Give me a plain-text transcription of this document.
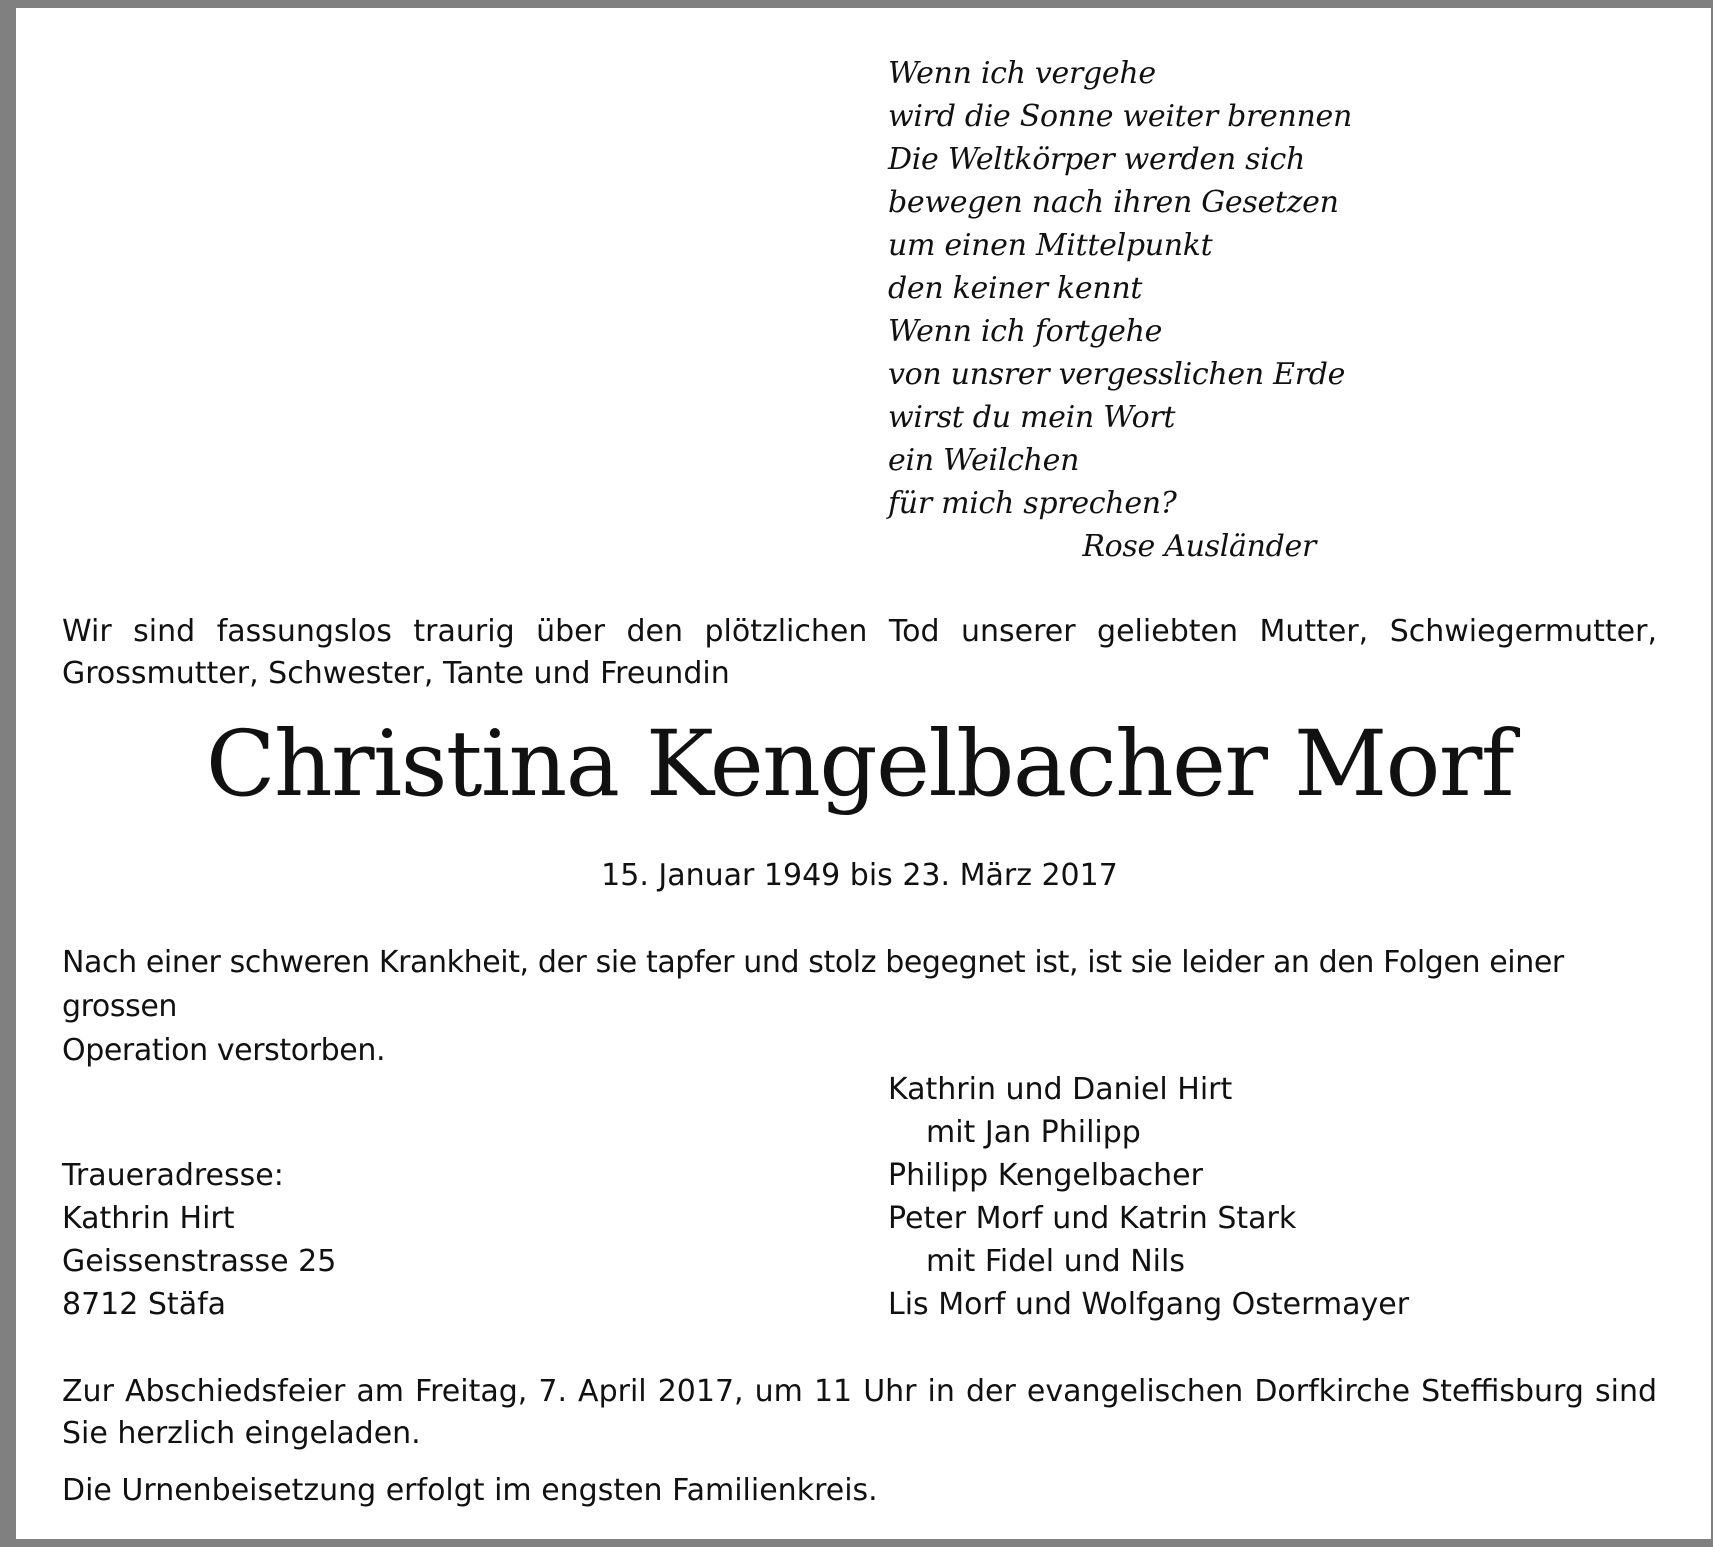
Wenn ich vergehe
wird die Sonne weiter brennen
Die Weltkörper werden sich
bewegen nach ihren Gesetzen
um einen Mittelpunkt
den keiner kennt
Wenn ich fortgehe
von unsrer vergesslichen Erde
wirst du mein Wort
ein Weilchen
für mich sprechen?
Rose Ausländer
Wir sind fassungslos traurig über den plötzlichen Tod unserer geliebten Mutter, Schwiegermutter,
Grossmutter, Schwester, Tante und Freundin
Christina Kengelbacher Morf
15. Januar 1949 bis 23. März 2017
Nach einer schweren Krankheit, der sie tapfer und stolz begegnet ist, ist sie leider an den Folgen einer grossen
Operation verstorben.
Traueradresse:
Kathrin Hirt
Geissenstrasse 25
8712 Stäfa
Kathrin und Daniel Hirt
mit Jan Philipp
Philipp Kengelbacher
Peter Morf und Katrin Stark
mit Fidel und Nils
Lis Morf und Wolfgang Ostermayer
Zur Abschiedsfeier am Freitag, 7. April 2017, um 11 Uhr in der evangelischen Dorfkirche Steffisburg sind
Sie herzlich eingeladen.
Die Urnenbeisetzung erfolgt im engsten Familienkreis.
